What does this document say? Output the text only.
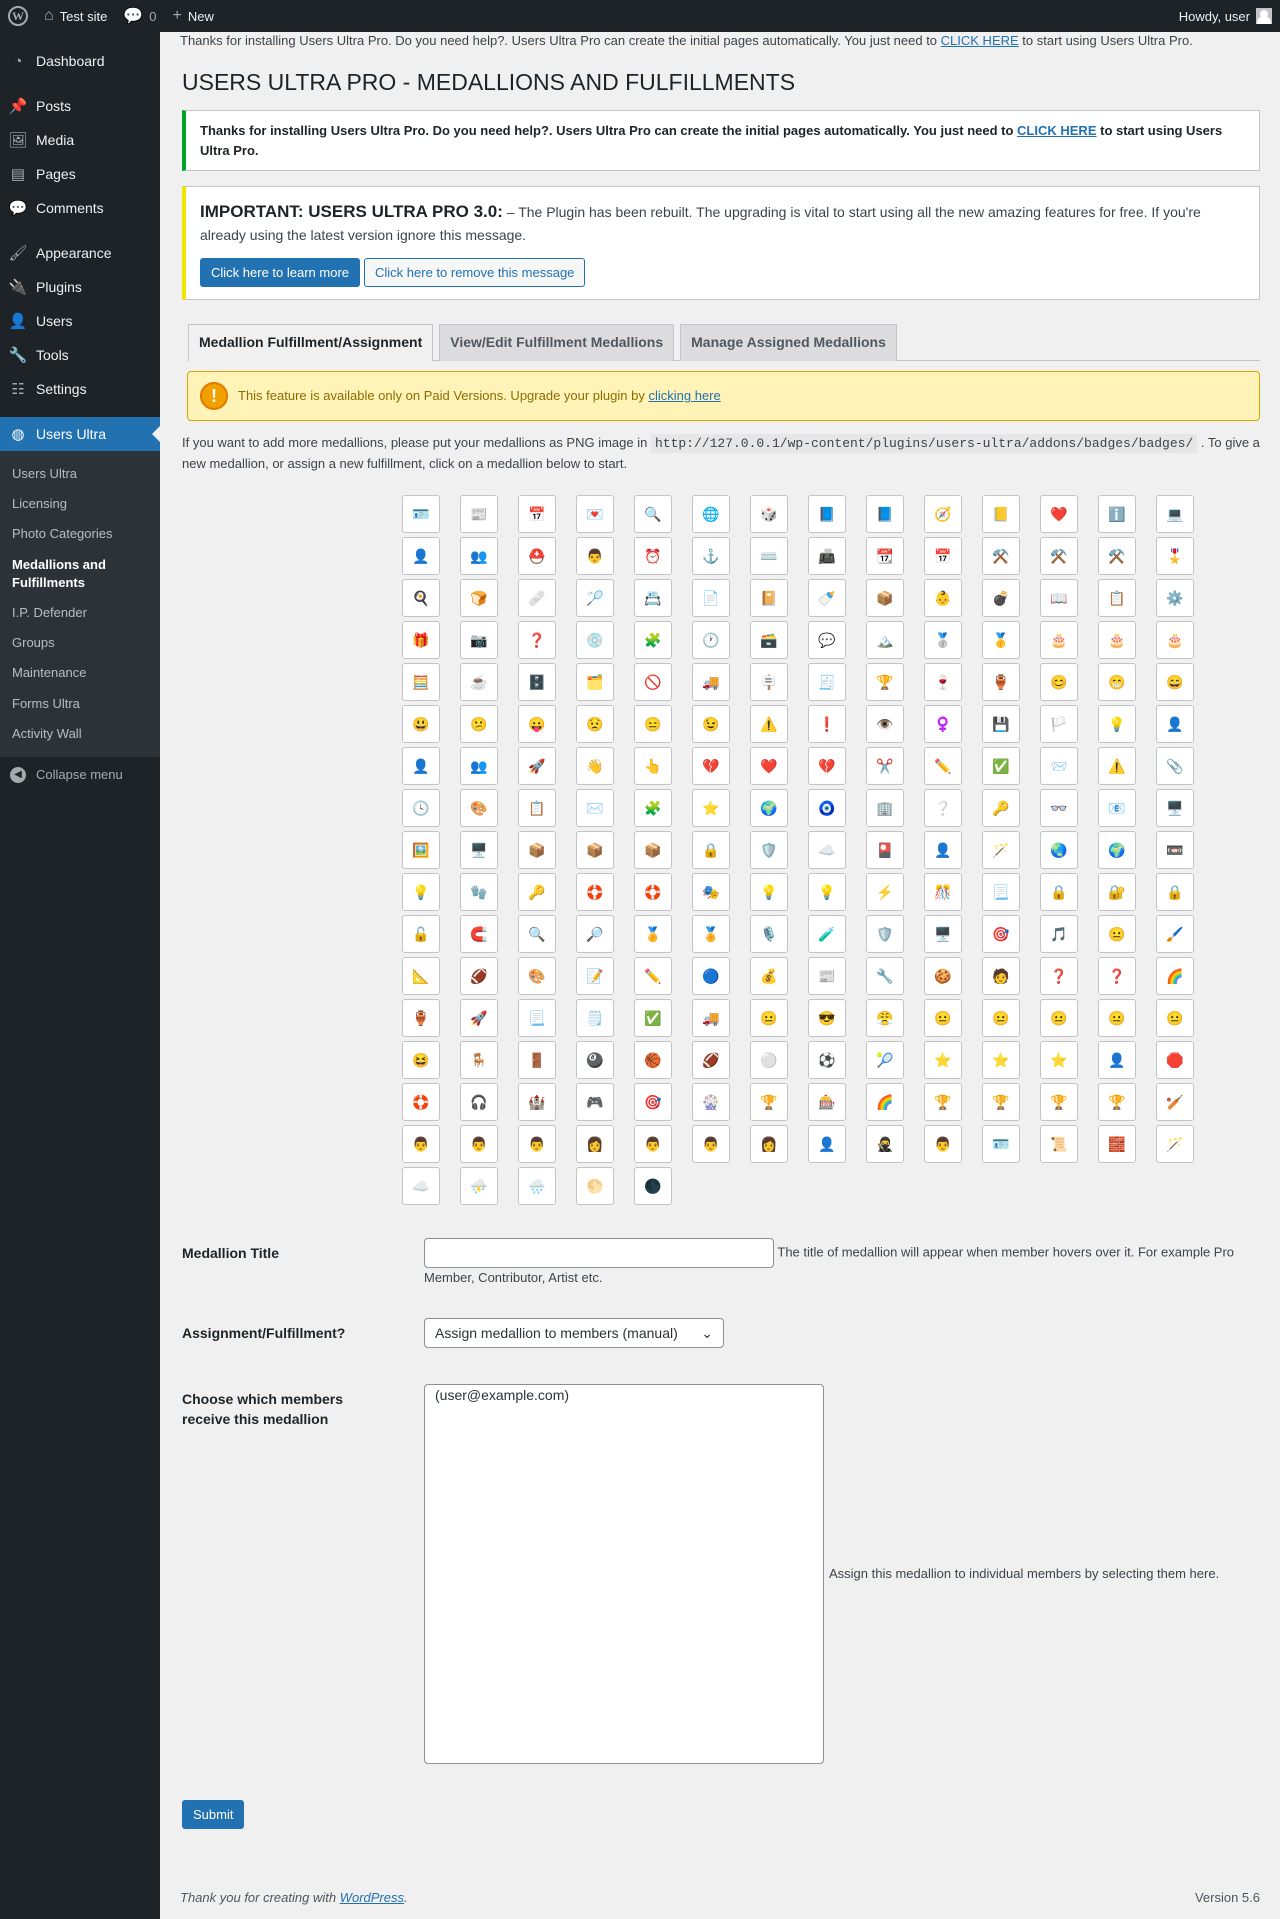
W ⌂ Test site 💬 0 + New	Howdy, user
◔ Dashboard
📌 Posts
🖼 Media
▤ Pages
💬 Comments
🖌 Appearance
🔌 Plugins
👤 Users
🔧 Tools
☷ Settings
◍ Users Ultra
Users Ultra
Licensing
Photo Categories
Medallions and Fulfillments
I.P. Defender
Groups
Maintenance
Forms Ultra
Activity Wall
◀	Collapse menu
Thanks for installing Users Ultra Pro. Do you need help?. Users Ultra Pro can create the initial pages automatically. You just need to CLICK HERE to start using Users Ultra Pro.
USERS ULTRA PRO - MEDALLIONS AND FULFILLMENTS
Thanks for installing Users Ultra Pro. Do you need help?. Users Ultra Pro can create the initial pages automatically. You just need to CLICK HERE to start using Users Ultra Pro.
IMPORTANT: USERS ULTRA PRO 3.0: – The Plugin has been rebuilt. The upgrading is vital to start using all the new amazing features for free. If you're already using the latest version ignore this message.
Click here to learn more	Click here to remove this message
Medallion Fulfillment/Assignment	View/Edit Fulfillment Medallions	Manage Assigned Medallions
!	This feature is available only on Paid Versions. Upgrade your plugin by
clicking here
If you want to add more medallions, please put your medallions as PNG image in http://127.0.0.1/wp-content/plugins/users-ultra/addons/badges/badges/ . To give a new medallion, or assign a new fulfillment, click on a medallion below to start.
🪪	📰	📅	💌	🔍	🌐	🎲	📘	📘	🧭	📒	❤️	ℹ️	💻
👤	👥	⛑️	👨	⏰	⚓	⌨️	📠	📆	📅	⚒️	⚒️	⚒️	🎖️
🍳	🍞	🩹	🏸	📇	📄	📔	🍼	📦	👶	💣	📖	📋	⚙️
🎁	📷	❓	💿	🧩	🕐	🗃️	💬	🏔️	🥈	🥇	🎂	🎂	🎂
🧮	☕	🗄️	🗂️	🚫	🚚	🪧	🧾	🏆	🍷	🏺	😊	😁	😄
😃	😕	😛	😟	😑	😉	⚠️	❗	👁️	♀️	💾	🏳️	💡	👤
👤	👥	🚀	👋	👆	💔	❤️	💔	✂️	✏️	✅	📨	⚠️	📎
🕓	🎨	📋	✉️	🧩	⭐	🌍	🧿	🏢	❔	🔑	👓	📧	🖥️
🖼️	🖥️	📦	📦	📦	🔒	🛡️	☁️	🎴	👤	🪄	🌏	🌍	📼
💡	🧤	🔑	🛟	🛟	🎭	💡	💡	⚡	🎊	📃	🔒	🔐	🔒
🔓	🧲	🔍	🔎	🏅	🏅	🎙️	🧪	🛡️	🖥️	🎯	🎵	😐	🖌️
📐	🏈	🎨	📝	✏️	🔵	💰	📰	🔧	🍪	🧑	❓	❓	🌈
🏺	🚀	📃	🗒️	✅	🚚	😐	😎	😤	😐	😐	😐	😐	😐
😆	🪑	🚪	🎱	🏀	🏈	⚪	⚽	🎾	⭐	⭐	⭐	👤	🛑
🛟	🎧	🏰	🎮	🎯	🎡	🏆	🎰	🌈	🏆	🏆	🏆	🏆	🏏
👨	👨	👨	👩	👨	👨	👩	👤	🥷	👨	🪪	📜	🧱	🪄
☁️	⛈️	🌧️	🌕	🌑
Medallion Title	The title of medallion will appear when member hovers over it. For example Pro Member, Contributor, Artist etc.
Assignment/Fulfillment?	Assign medallion to members (manual) ⌄
Choose which members receive this medallion
(user@example.com)
Assign this medallion to individual members by selecting them here.
Submit
Thank you for creating with WordPress.	Version 5.6
